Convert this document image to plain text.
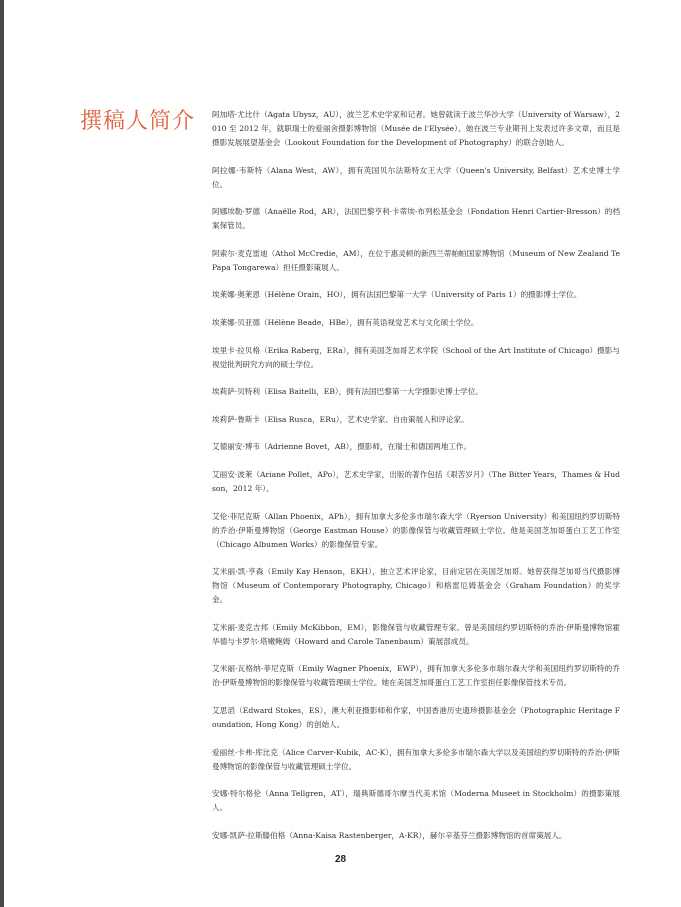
撰稿人简介 阿加塔·尤比什（Agata Ubysz，AU），波兰艺术史学家和记者。她曾就读于波兰华沙大学（University of Warsaw），2010 至 2012 年，就职瑞士的爱丽舍摄影博物馆（Musée de l'Elysée）。她在波兰专业期刊上发表过许多文章，而且是摄影发展展望基金会（Lookout Foundation for the Development of Photography）的联合创始人。

阿拉娜·韦斯特（Alana West，AW），拥有英国贝尔法斯特女王大学（Queen's University, Belfast）艺术史博士学位。

阿娜埃勒·罗德（Anaëlle Rod，AR），法国巴黎亨利·卡蒂埃-布列松基金会（Fondation Henri Cartier-Bresson）的档案保管员。

阿索尔·麦克雷迪（Athol McCredie，AM），在位于惠灵顿的新西兰蒂帕帕国家博物馆（Museum of New Zealand Te Papa Tongarewa）担任摄影策展人。

埃莱娜·奥莱恩（Hélène Orain，HO），拥有法国巴黎第一大学（University of Paris 1）的摄影博士学位。

埃莱娜·贝亚德（Hélène Beade，HBe），拥有英语视觉艺术与文化硕士学位。

埃里卡·拉贝格（Erika Raberg，ERa），拥有美国芝加哥艺术学院（School of the Art Institute of Chicago）摄影与视觉批判研究方向的硕士学位。

埃莉萨·贝特利（Elisa Baitelli，EB），拥有法国巴黎第一大学摄影史博士学位。

埃莉萨·鲁斯卡（Elisa Rusca，ERu），艺术史学家、自由策展人和评论家。

艾德丽安·博韦（Adrienne Bovet，AB），摄影师，在瑞士和德国两地工作。

艾丽安·波莱（Ariane Pollet，APo），艺术史学家，出版的著作包括《艰苦岁月》（The Bitter Years，Thames & Hudson，2012 年）。

艾伦·菲尼克斯（Allan Phoenix，APh），拥有加拿大多伦多市瑞尔森大学（Ryerson University）和美国纽约罗切斯特的乔治·伊斯曼博物馆（George Eastman House）的影像保管与收藏管理硕士学位。他是美国芝加哥蛋白工艺工作室（Chicago Albumen Works）的影像保管专家。

艾米丽·凯·亨森（Emily Kay Henson，EKH），独立艺术评论家，目前定居在美国芝加哥。她曾获得芝加哥当代摄影博物馆（Museum of Contemporary Photography, Chicago）和格雷厄姆基金会（Graham Foundation）的奖学金。

艾米丽·麦克吉邦（Emily McKibbon，EM），影像保管与收藏管理专家。曾是美国纽约罗切斯特的乔治·伊斯曼博物馆霍华德与卡罗尔·塔嫩鲍姆（Howard and Carole Tanenbaum）策展部成员。

艾米丽·瓦格纳·菲尼克斯（Emily Wagner Phoenix，EWP），拥有加拿大多伦多市瑞尔森大学和美国纽约罗切斯特的乔治·伊斯曼博物馆的影像保管与收藏管理硕士学位。她在美国芝加哥蛋白工艺工作室担任影像保管技术专员。

艾思滔（Edward Stokes，ES），澳大利亚摄影师和作家，中国香港历史遗珍摄影基金会（Photographic Heritage Foundation, Hong Kong）的创始人。

爱丽丝·卡弗-库比克（Alice Carver-Kubik，AC-K），拥有加拿大多伦多市瑞尔森大学以及美国纽约罗切斯特的乔治·伊斯曼博物馆的影像保管与收藏管理硕士学位。

安娜·特尔格伦（Anna Tellgren，AT），瑞典斯德哥尔摩当代美术馆（Moderna Museet in Stockholm）的摄影策展人。

安娜-凯萨·拉斯滕伯格（Anna-Kaisa Rastenberger，A-KR），赫尔辛基芬兰摄影博物馆的首席策展人。

28
